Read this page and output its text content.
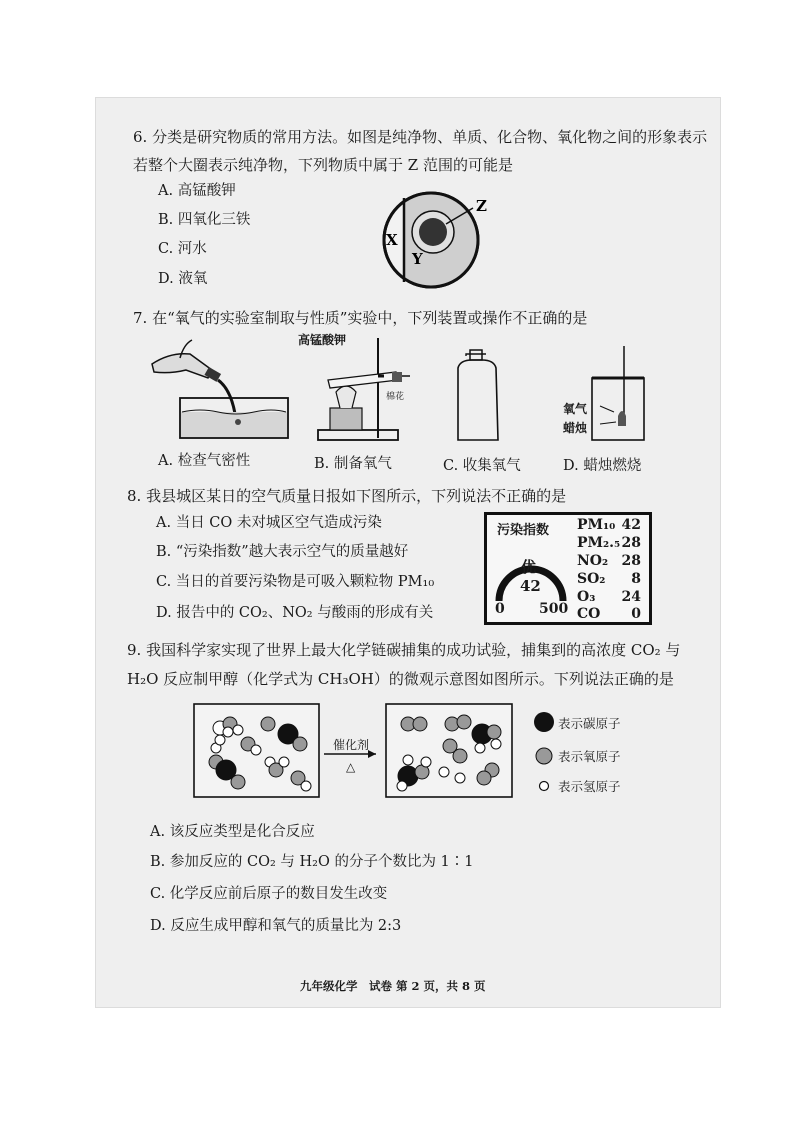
6. 分类是研究物质的常用方法。如图是纯净物、单质、化合物、氧化物之间的形象表示
若整个大圈表示纯净物，下列物质中属于 Z 范围的可能是
A. 高锰酸钾
B. 四氧化三铁
C. 河水
D. 液氧
X
Y
Z
7. 在“氧气的实验室制取与性质”实验中，下列装置或操作不正确的是
高锰酸钾
棉花
氧气
蜡烛
A. 检查气密性	B. 制备氧气	C. 收集氧气	D. 蜡烛燃烧
8. 我县城区某日的空气质量日报如下图所示，下列说法不正确的是
A. 当日 CO 未对城区空气造成污染
B. “污染指数”越大表示空气的质量越好
C. 当日的首要污染物是可吸入颗粒物 PM₁₀
D. 报告中的 CO₂、NO₂ 与酸雨的形成有关
污染指数
优
42
0 500
PM₁₀ 42
PM₂.₅ 28
NO₂ 28
SO₂ 8
O₃ 24
CO 0
9. 我国科学家实现了世界上最大化学链碳捕集的成功试验，捕集到的高浓度 CO₂ 与
H₂O 反应制甲醇（化学式为 CH₃OH）的微观示意图如图所示。下列说法正确的是
催化剂
△
表示碳原子
表示氧原子
表示氢原子
A. 该反应类型是化合反应
B. 参加反应的 CO₂ 与 H₂O 的分子个数比为 1∶1
C. 化学反应前后原子的数目发生改变
D. 反应生成甲醇和氧气的质量比为 2:3
九年级化学　试卷 第 2 页，共 8 页
